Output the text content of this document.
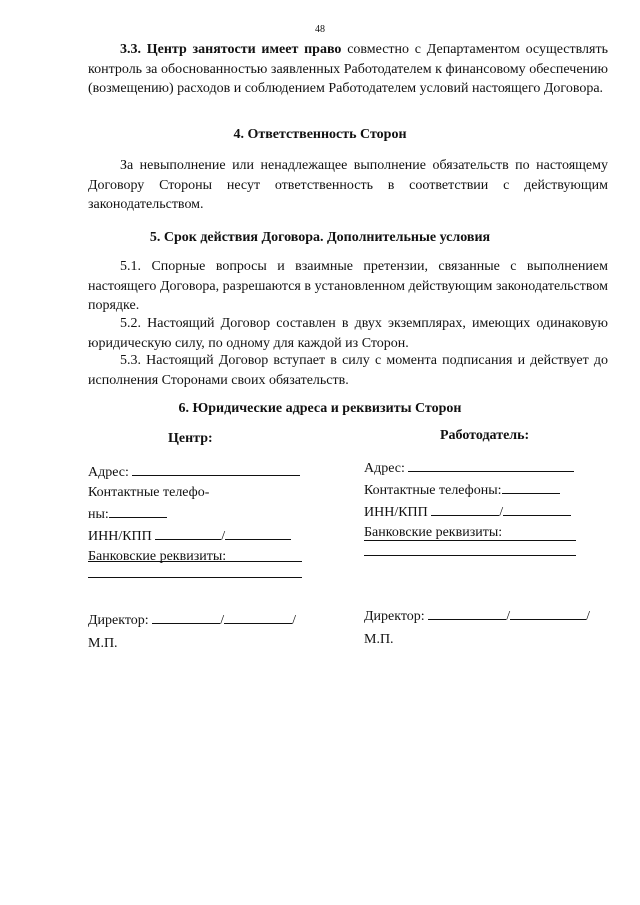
48
3.3. Центр занятости имеет право совместно с Департаментом осуществлять контроль за обоснованностью заявленных Работодателем к финансовому обеспечению (возмещению) расходов и соблюдением Работодателем условий настоящего Договора.
4. Ответственность Сторон
За невыполнение или ненадлежащее выполнение обязательств по настоящему Договору Стороны несут ответственность в соответствии с действующим законодательством.
5. Срок действия Договора. Дополнительные условия
5.1. Спорные вопросы и взаимные претензии, связанные с выполнением настоящего Договора, разрешаются в установленном действующим законодательством порядке.
5.2. Настоящий Договор составлен в двух экземплярах, имеющих одинаковую юридическую силу, по одному для каждой из Сторон.
5.3. Настоящий Договор вступает в силу с момента подписания и действует до исполнения Сторонами своих обязательств.
6. Юридические адреса и реквизиты Сторон
Центр:
Адрес:
Контактные телефо-
ны:
ИНН/КПП	/
Банковские реквизиты:
Директор:	/	/
М.П.
Работодатель:
Адрес:
Контактные телефоны:
ИНН/КПП	/
Банковские реквизиты:
Директор:	/	/
М.П.
